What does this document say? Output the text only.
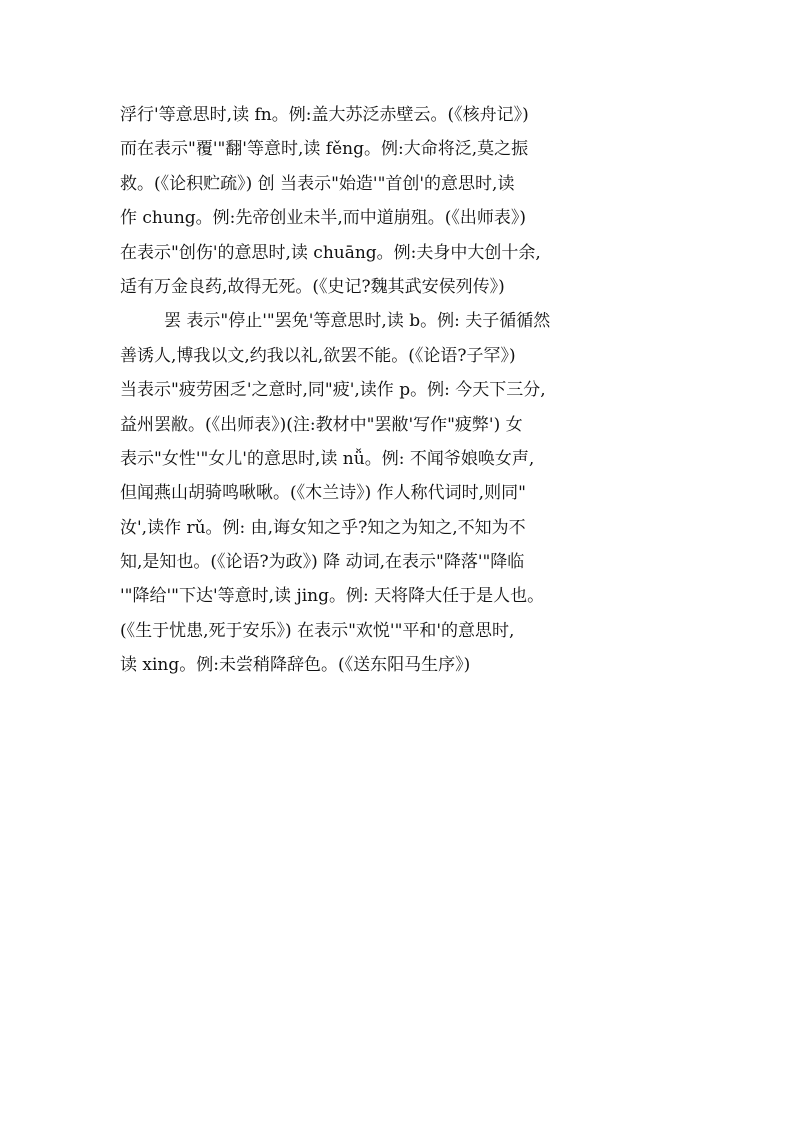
浮行'等意思时,读 fn。例:盖大苏泛赤壁云。(《核舟记》)
而在表示"覆'"翻'等意时,读 fěng。例:大命将泛,莫之振
救。(《论积贮疏》) 创 当表示"始造'"首创'的意思时,读
作 chung。例:先帝创业未半,而中道崩殂。(《出师表》)
在表示"创伤'的意思时,读 chuāng。例:夫身中大创十余,
适有万金良药,故得无死。(《史记?魏其武安侯列传》)
罢 表示"停止'"罢免'等意思时,读 b。例: 夫子循循然
善诱人,博我以文,约我以礼,欲罢不能。(《论语?子罕》)
当表示"疲劳困乏'之意时,同"疲',读作 p。例: 今天下三分,
益州罢敝。(《出师表》)(注:教材中"罢敝'写作"疲弊') 女
表示"女性'"女儿'的意思时,读 nǚ。例: 不闻爷娘唤女声,
但闻燕山胡骑鸣啾啾。(《木兰诗》) 作人称代词时,则同"
汝',读作 rǔ。例: 由,诲女知之乎?知之为知之,不知为不
知,是知也。(《论语?为政》) 降 动词,在表示"降落'"降临
'"降给'"下达'等意时,读 jing。例: 天将降大任于是人也。
(《生于忧患,死于安乐》) 在表示"欢悦'"平和'的意思时,
读 xing。例:未尝稍降辞色。(《送东阳马生序》)
